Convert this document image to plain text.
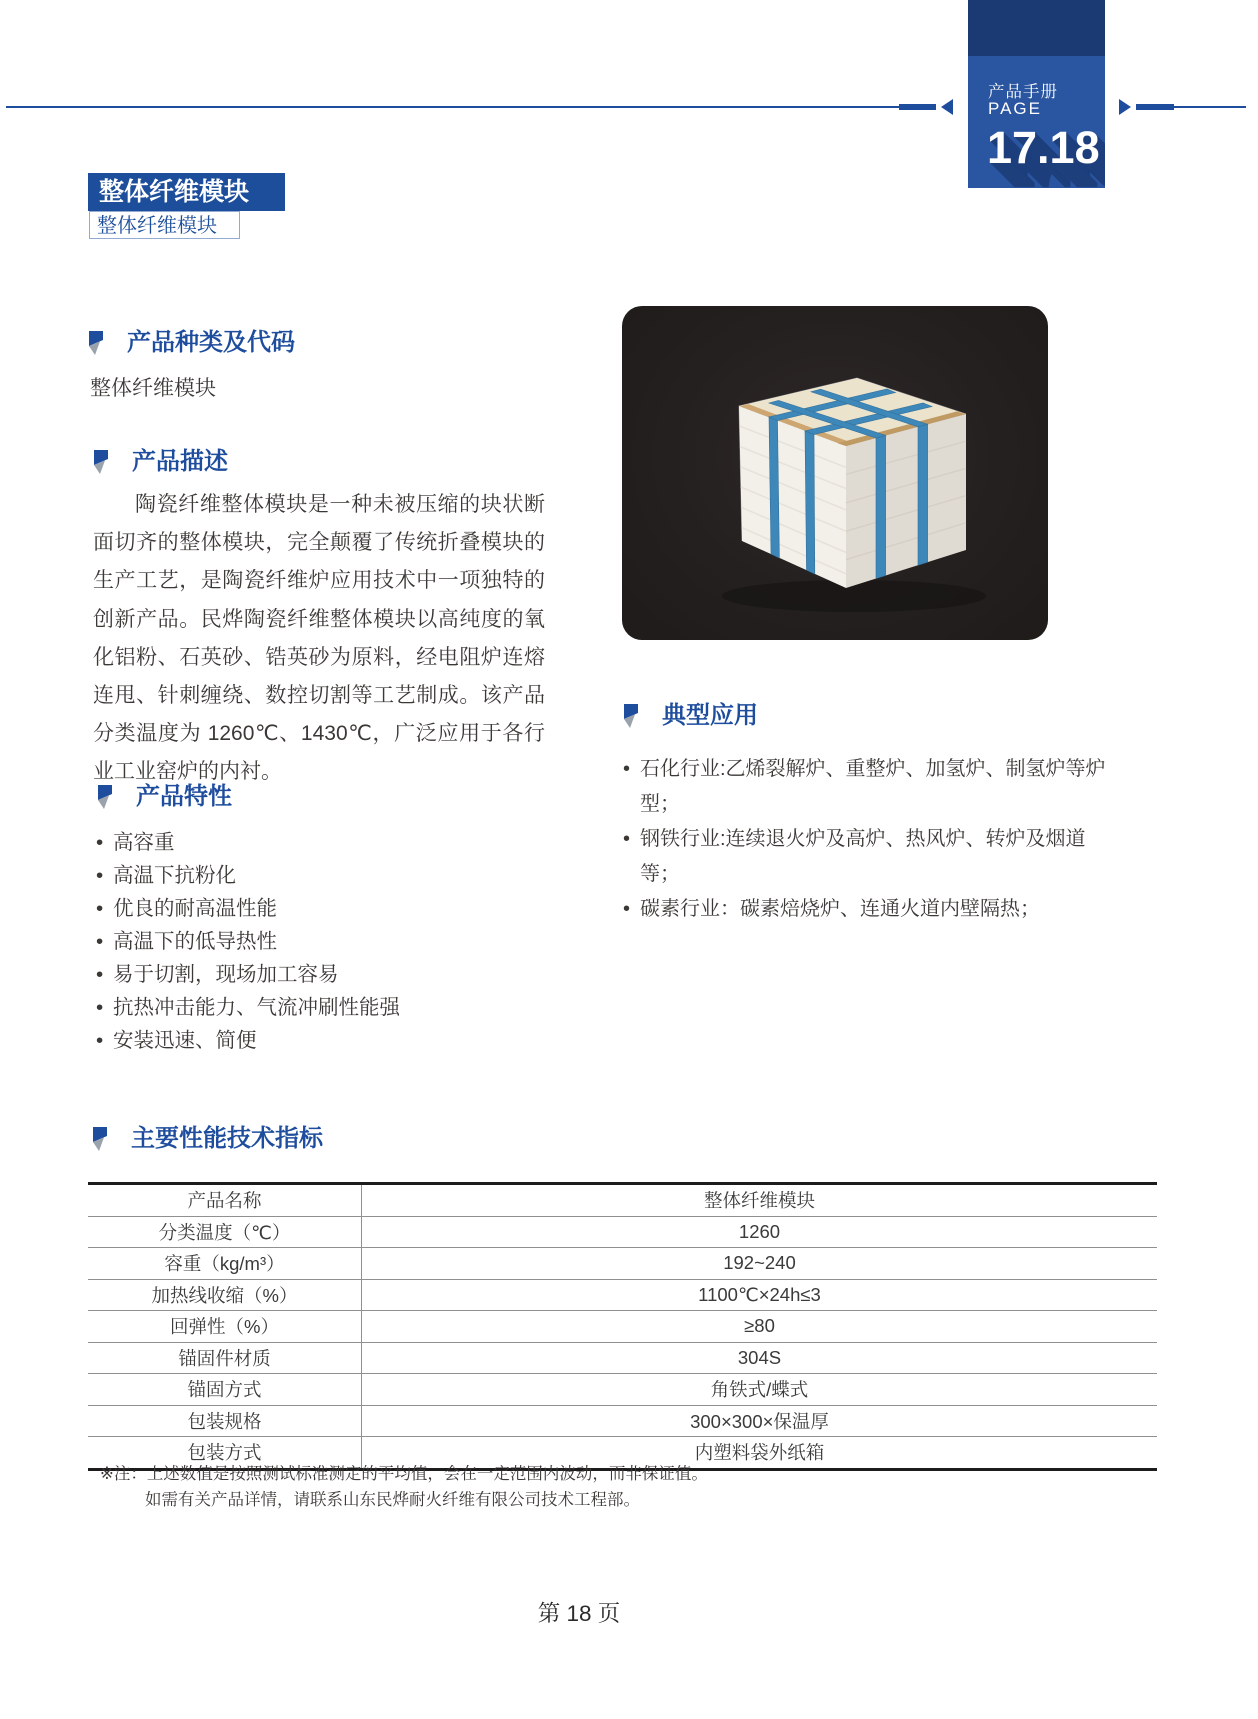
产品手册
PAGE
17.18
整体纤维模块
整体纤维模块
产品种类及代码
整体纤维模块
产品描述
陶瓷纤维整体模块是一种未被压缩的块状断面切齐的整体模块，完全颠覆了传统折叠模块的生产工艺，是陶瓷纤维炉应用技术中一项独特的创新产品。民烨陶瓷纤维整体模块以高纯度的氧化铝粉、石英砂、锆英砂为原料，经电阻炉连熔连甩、针刺缠绕、数控切割等工艺制成。该产品分类温度为 1260℃、1430℃，广泛应用于各行业工业窑炉的内衬。
典型应用
• 石化行业:乙烯裂解炉、重整炉、加氢炉、制氢炉等炉型；
• 钢铁行业:连续退火炉及高炉、热风炉、转炉及烟道等；
• 碳素行业：碳素焙烧炉、连通火道内壁隔热；
产品特性
• 高容重
• 高温下抗粉化
• 优良的耐高温性能
• 高温下的低导热性
• 易于切割，现场加工容易
• 抗热冲击能力、气流冲刷性能强
• 安装迅速、简便
主要性能技术指标
产品名称	整体纤维模块
分类温度（℃）	1260
容重（kg/m³）	192~240
加热线收缩（%）	1100℃×24h≤3
回弹性（%）	≥80
锚固件材质	304S
锚固方式	角铁式/蝶式
包装规格	300×300×保温厚
包装方式	内塑料袋外纸箱
※注：上述数值是按照测试标准测定的平均值，会在一定范围内波动，而非保证值。
如需有关产品详情，请联系山东民烨耐火纤维有限公司技术工程部。
第 18 页
